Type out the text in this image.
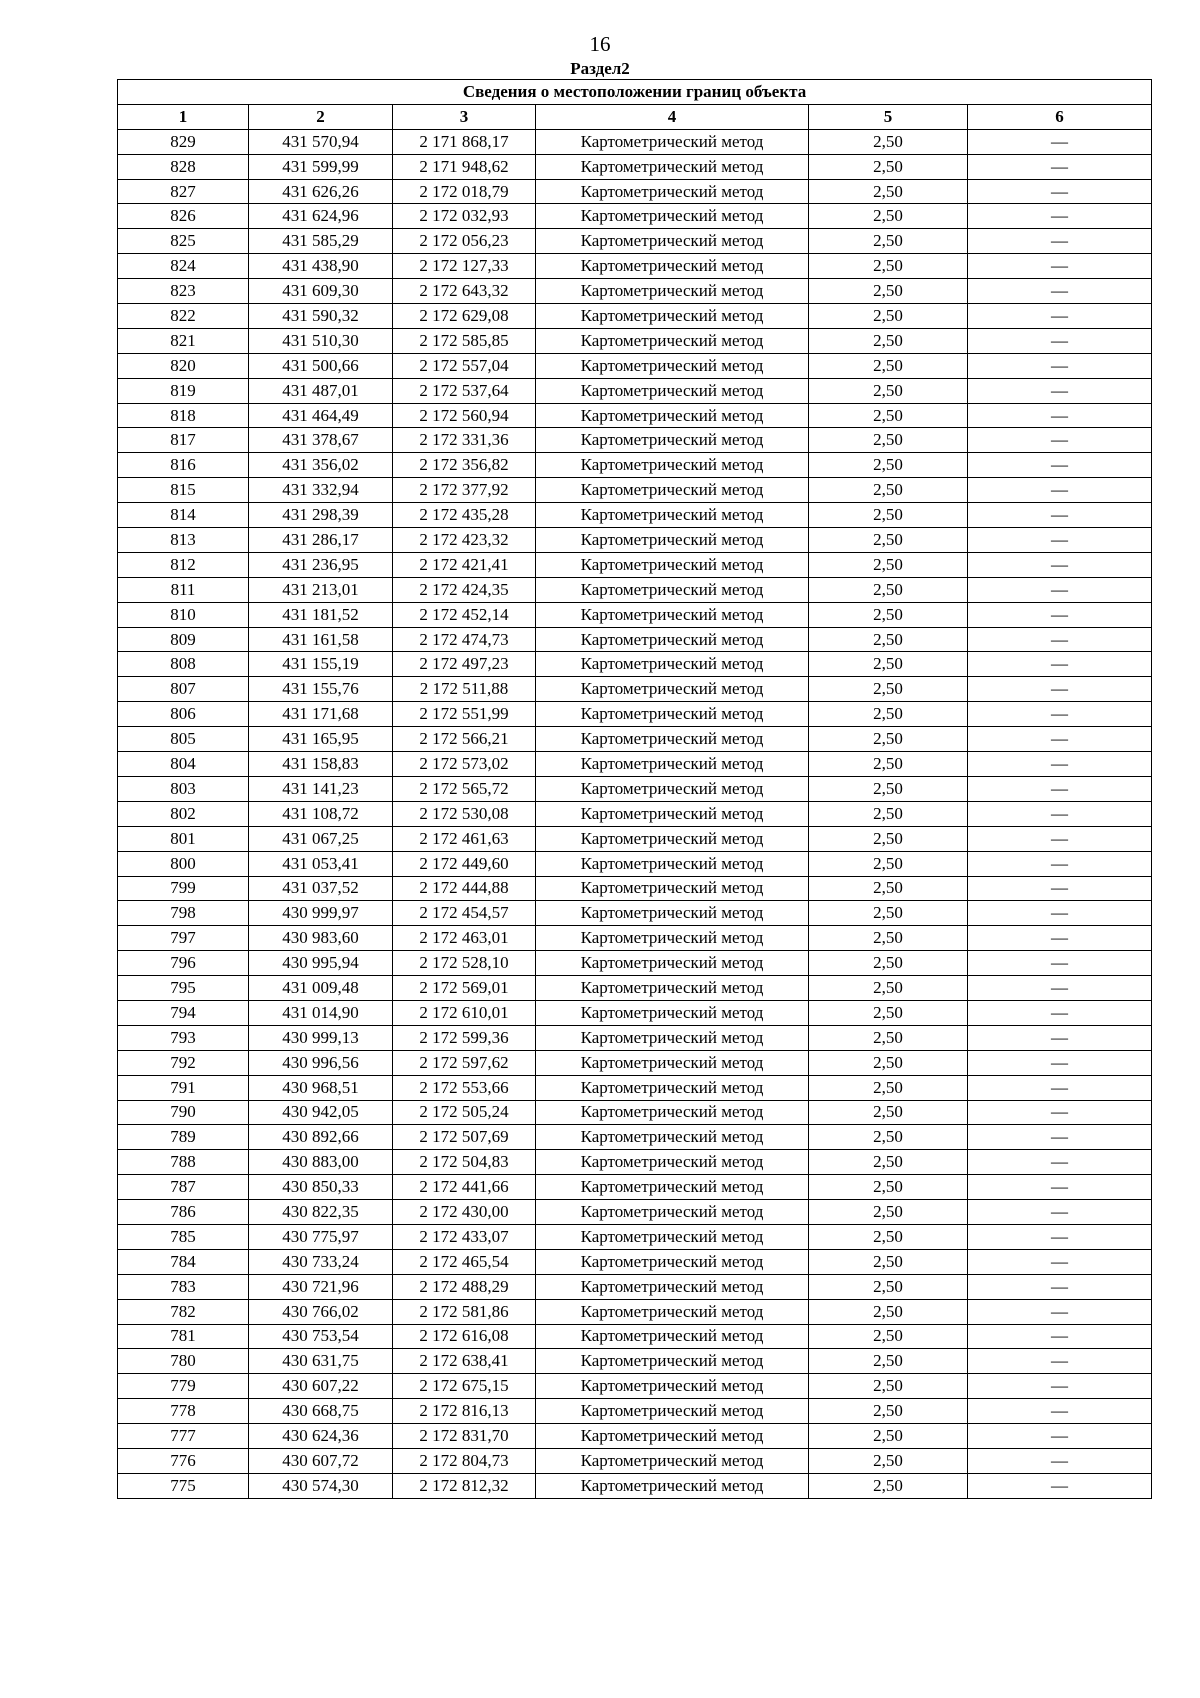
16
Раздел2
Сведения о местоположении границ объекта					
1	2	3	4	5	6
829	431 570,94	2 171 868,17	Картометрический метод	2,50	—
828	431 599,99	2 171 948,62	Картометрический метод	2,50	—
827	431 626,26	2 172 018,79	Картометрический метод	2,50	—
826	431 624,96	2 172 032,93	Картометрический метод	2,50	—
825	431 585,29	2 172 056,23	Картометрический метод	2,50	—
824	431 438,90	2 172 127,33	Картометрический метод	2,50	—
823	431 609,30	2 172 643,32	Картометрический метод	2,50	—
822	431 590,32	2 172 629,08	Картометрический метод	2,50	—
821	431 510,30	2 172 585,85	Картометрический метод	2,50	—
820	431 500,66	2 172 557,04	Картометрический метод	2,50	—
819	431 487,01	2 172 537,64	Картометрический метод	2,50	—
818	431 464,49	2 172 560,94	Картометрический метод	2,50	—
817	431 378,67	2 172 331,36	Картометрический метод	2,50	—
816	431 356,02	2 172 356,82	Картометрический метод	2,50	—
815	431 332,94	2 172 377,92	Картометрический метод	2,50	—
814	431 298,39	2 172 435,28	Картометрический метод	2,50	—
813	431 286,17	2 172 423,32	Картометрический метод	2,50	—
812	431 236,95	2 172 421,41	Картометрический метод	2,50	—
811	431 213,01	2 172 424,35	Картометрический метод	2,50	—
810	431 181,52	2 172 452,14	Картометрический метод	2,50	—
809	431 161,58	2 172 474,73	Картометрический метод	2,50	—
808	431 155,19	2 172 497,23	Картометрический метод	2,50	—
807	431 155,76	2 172 511,88	Картометрический метод	2,50	—
806	431 171,68	2 172 551,99	Картометрический метод	2,50	—
805	431 165,95	2 172 566,21	Картометрический метод	2,50	—
804	431 158,83	2 172 573,02	Картометрический метод	2,50	—
803	431 141,23	2 172 565,72	Картометрический метод	2,50	—
802	431 108,72	2 172 530,08	Картометрический метод	2,50	—
801	431 067,25	2 172 461,63	Картометрический метод	2,50	—
800	431 053,41	2 172 449,60	Картометрический метод	2,50	—
799	431 037,52	2 172 444,88	Картометрический метод	2,50	—
798	430 999,97	2 172 454,57	Картометрический метод	2,50	—
797	430 983,60	2 172 463,01	Картометрический метод	2,50	—
796	430 995,94	2 172 528,10	Картометрический метод	2,50	—
795	431 009,48	2 172 569,01	Картометрический метод	2,50	—
794	431 014,90	2 172 610,01	Картометрический метод	2,50	—
793	430 999,13	2 172 599,36	Картометрический метод	2,50	—
792	430 996,56	2 172 597,62	Картометрический метод	2,50	—
791	430 968,51	2 172 553,66	Картометрический метод	2,50	—
790	430 942,05	2 172 505,24	Картометрический метод	2,50	—
789	430 892,66	2 172 507,69	Картометрический метод	2,50	—
788	430 883,00	2 172 504,83	Картометрический метод	2,50	—
787	430 850,33	2 172 441,66	Картометрический метод	2,50	—
786	430 822,35	2 172 430,00	Картометрический метод	2,50	—
785	430 775,97	2 172 433,07	Картометрический метод	2,50	—
784	430 733,24	2 172 465,54	Картометрический метод	2,50	—
783	430 721,96	2 172 488,29	Картометрический метод	2,50	—
782	430 766,02	2 172 581,86	Картометрический метод	2,50	—
781	430 753,54	2 172 616,08	Картометрический метод	2,50	—
780	430 631,75	2 172 638,41	Картометрический метод	2,50	—
779	430 607,22	2 172 675,15	Картометрический метод	2,50	—
778	430 668,75	2 172 816,13	Картометрический метод	2,50	—
777	430 624,36	2 172 831,70	Картометрический метод	2,50	—
776	430 607,72	2 172 804,73	Картометрический метод	2,50	—
775	430 574,30	2 172 812,32	Картометрический метод	2,50	—
